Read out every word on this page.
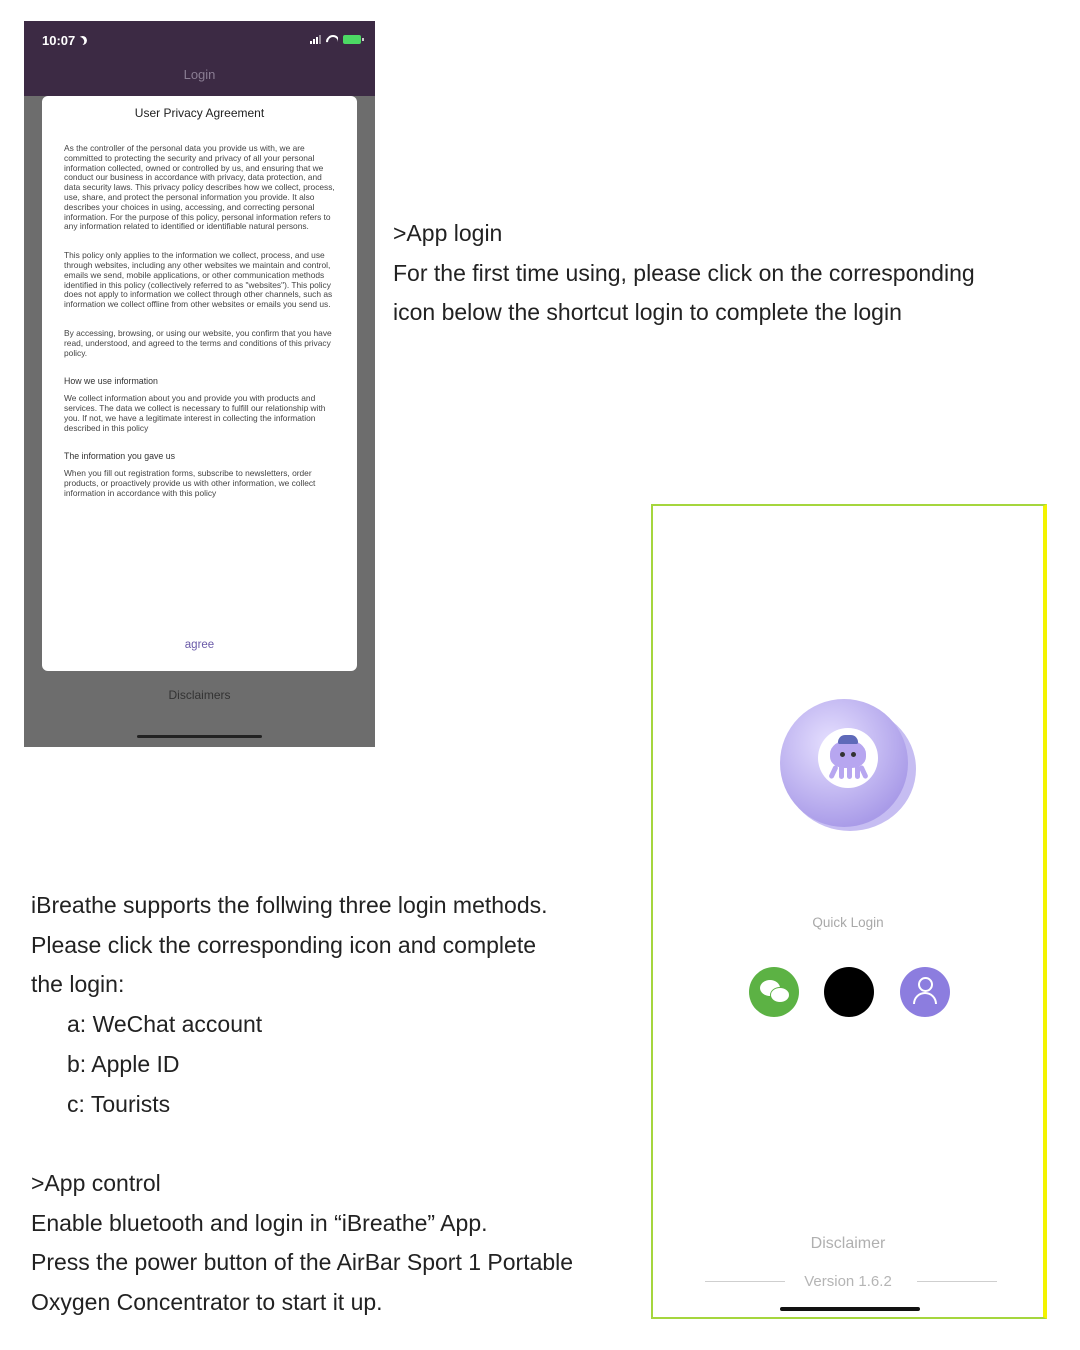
10:07
Login
User Privacy Agreement

As the controller of the personal data you provide us with, we are committed to protecting the security and privacy of all your personal information collected, owned or controlled by us, and ensuring that we conduct our business in accordance with privacy, data protection, and data security laws. This privacy policy describes how we collect, process, use, share, and protect the personal information you provide. It also describes your choices in using, accessing, and correcting personal information. For the purpose of this policy, personal information refers to any information related to identified or identifiable natural persons.

This policy only applies to the information we collect, process, and use through websites, including any other websites we maintain and control, emails we send, mobile applications, or other communication methods identified in this policy (collectively referred to as "websites"). This policy does not apply to information we collect through other channels, such as information we collect offline from other websites or emails you send us.

By accessing, browsing, or using our website, you confirm that you have read, understood, and agreed to the terms and conditions of this privacy policy.

How we use information

We collect information about you and provide you with products and services. The data we collect is necessary to fulfill our relationship with you. If not, we have a legitimate interest in collecting the information described in this policy

The information you gave us

When you fill out registration forms, subscribe to newsletters, order products, or proactively provide us with other information, we collect information in accordance with this policy

agree
Disclaimers
>App login
For the first time using, please click on the corresponding
icon below the shortcut login to complete the login
iBreathe supports the follwing three login methods.
Please click the corresponding icon and complete
the login:
a: WeChat account
b: Apple ID
c: Tourists
>App control
Enable bluetooth and login in “iBreathe” App.
Press the power button of the AirBar Sport 1 Portable
Oxygen Concentrator to start it up.
Quick Login
Disclaimer
Version 1.6.2
